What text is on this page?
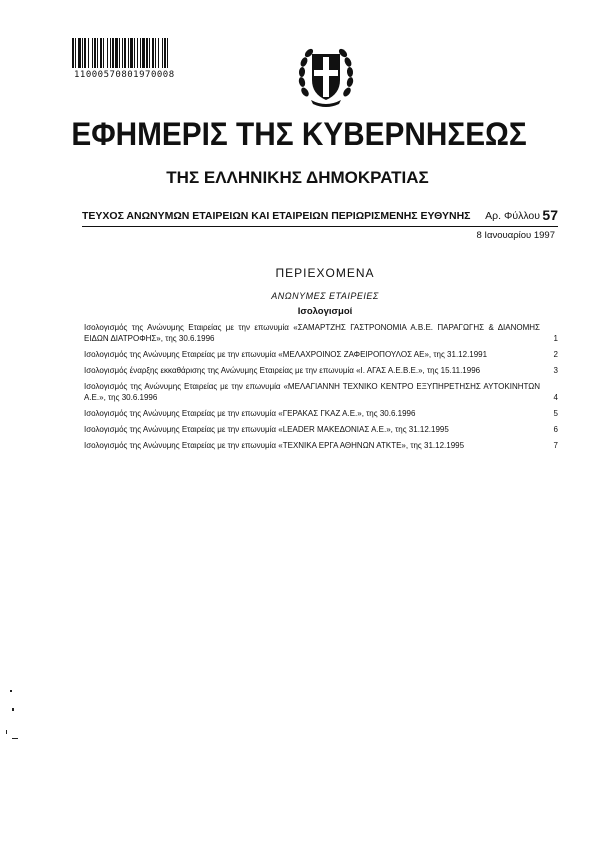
11000570801970008
ΕΦΗΜΕΡΙΣ ΤΗΣ ΚΥΒΕΡΝΗΣΕΩΣ
ΤΗΣ ΕΛΛΗΝΙΚΗΣ ΔΗΜΟΚΡΑΤΙΑΣ
ΤΕΥΧΟΣ ΑΝΩΝΥΜΩΝ ΕΤΑΙΡΕΙΩΝ ΚΑΙ ΕΤΑΙΡΕΙΩΝ ΠΕΡΙΩΡΙΣΜΕΝΗΣ ΕΥΘΥΝΗΣ Αρ. Φύλλου 57
8 Ιανουαρίου 1997
ΠΕΡΙΕΧΟΜΕΝΑ
ΑΝΩΝΥΜΕΣ ΕΤΑΙΡΕΙΕΣ
Ισολογισμοί
Ισολογισμός της Ανώνυμης Εταιρείας με την επωνυμία «ΣΑΜΑΡΤΖΗΣ ΓΑΣΤΡΟΝΟΜΙΑ Α.Β.Ε. ΠΑΡΑΓΩΓΗΣ & ΔΙΑΝΟΜΗΣ ΕΙΔΩΝ ΔΙΑΤΡΟΦΗΣ», της 30.6.1996	1
Ισολογισμός της Ανώνυμης Εταιρείας με την επωνυμία «ΜΕΛΑΧΡΟΙΝΟΣ ΖΑΦΕΙΡΟΠΟΥΛΟΣ ΑΕ», της 31.12.1991	2
Ισολογισμός έναρξης εκκαθάρισης της Ανώνυμης Εταιρείας με την επωνυμία «Ι. ΑΓΑΣ Α.Ε.Β.Ε.», της 15.11.1996	3
Ισολογισμός της Ανώνυμης Εταιρείας με την επωνυμία «ΜΕΛΑΓΙΑΝΝΗ ΤΕΧΝΙΚΟ ΚΕΝΤΡΟ ΕΞΥΠΗΡΕΤΗΣΗΣ ΑΥΤΟΚΙΝΗΤΩΝ Α.Ε.», της 30.6.1996	4
Ισολογισμός της Ανώνυμης Εταιρείας με την επωνυμία «ΓΕΡΑΚΑΣ ΓΚΑΖ Α.Ε.», της 30.6.1996	5
Ισολογισμός της Ανώνυμης Εταιρείας με την επωνυμία «LEADER ΜΑΚΕΔΟΝΙΑΣ Α.Ε.», της 31.12.1995	6
Ισολογισμός της Ανώνυμης Εταιρείας με την επωνυμία «ΤΕΧΝΙΚΑ ΕΡΓΑ ΑΘΗΝΩΝ ΑΤΚΤΕ», της 31.12.1995	7
